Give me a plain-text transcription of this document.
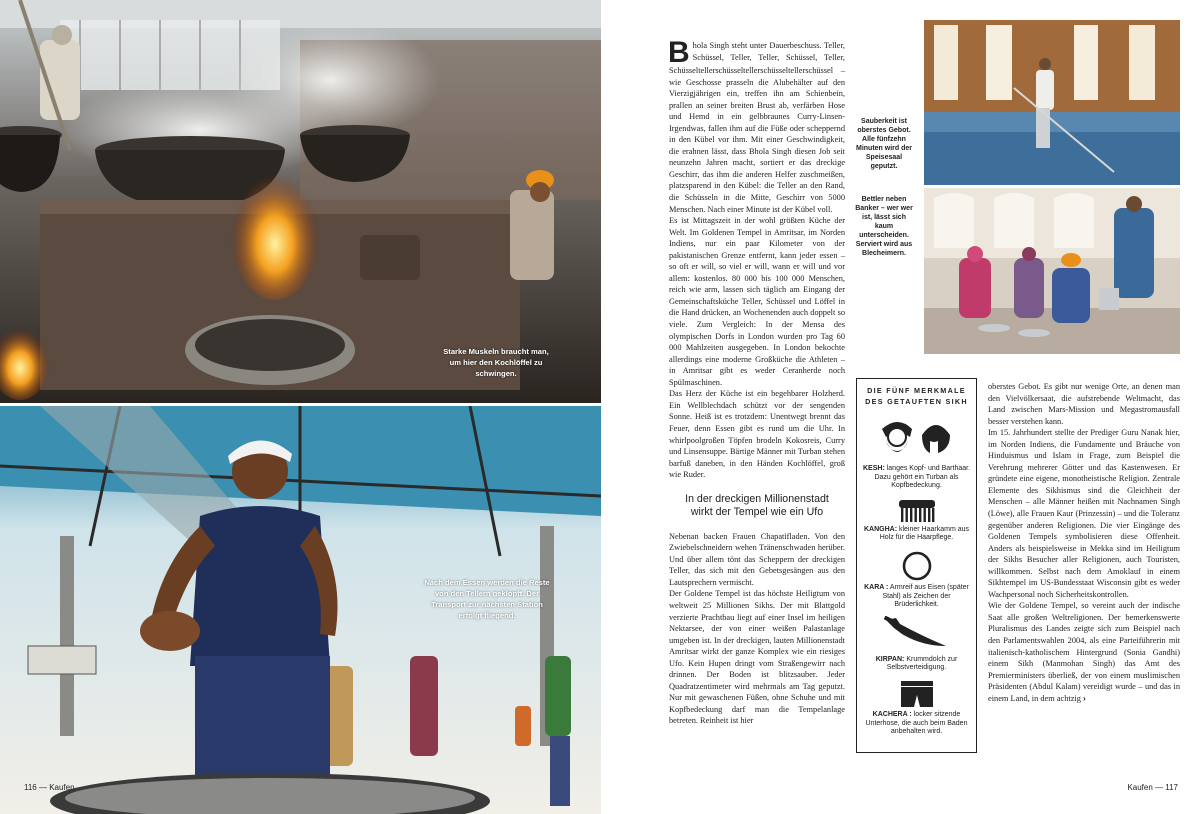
Starke Muskeln braucht man, um hier den Kochlöffel zu schwingen.
Nach dem Essen werden die Reste von den Tellern geklopft. Der Transport zur nächsten Station erfolgt fliegend.
116 — Kaufen

Bhola Singh steht unter Dauerbeschuss. Teller, Schüssel, Teller, Teller, Schüssel, Teller, Schüsseltellerschüsseltellerschüsseltellerschüssel – wie Geschosse prasseln die Alubehälter auf den Vierzigjährigen ein, treffen ihn am Schienbein, prallen an seiner breiten Brust ab, verfärben Hose und Hemd in ein gelbbraunes Curry-Linsen-Irgendwas, fallen ihm auf die Füße oder scheppernd in den Kübel vor ihm. Mit einer Geschwindigkeit, die erahnen lässt, dass Bhola Singh diesen Job seit neunzehn Jahren macht, sortiert er das dreckige Geschirr, das ihm die anderen Helfer zuschmeißen, platzsparend in den Kübel: die Teller an den Rand, die Schüsseln in die Mitte, Geschirr von 5000 Menschen. Nach einer Minute ist der Kübel voll.

Es ist Mittagszeit in der wohl größten Küche der Welt. Im Goldenen Tempel in Amritsar, im Norden Indiens, nur ein paar Kilometer von der pakistanischen Grenze entfernt, kann jeder essen – so oft er will, so viel er will, wann er will und vor allem: kostenlos. 80 000 bis 100 000 Menschen, reich wie arm, lassen sich täglich am Eingang der Gemeinschaftsküche Teller, Schüssel und Löffel in die Hand drücken, an Wochenenden auch doppelt so viele. Zum Vergleich: In der Mensa des olympischen Dorfs in London wurden pro Tag 60 000 Mahlzeiten ausgegeben. In London bekochte allerdings eine moderne Großküche die Athleten – in Amritsar gibt es weder Ceranherde noch Spülmaschinen.

Das Herz der Küche ist ein begehbarer Holzherd. Ein Wellblechdach schützt vor der sengenden Sonne. Heiß ist es trotzdem: Unentwegt brennt das Feuer, denn Essen gibt es rund um die Uhr. In whirlpoolgroßen Töpfen brodeln Kokosreis, Curry und Linsensuppe. Bärtige Männer mit Turban stehen barfuß daneben, in den Händen Kochlöffel, groß wie Ruder.

In der dreckigen Millionenstadt
wirkt der Tempel wie ein Ufo

Nebenan backen Frauen Chapatifladen. Von den Zwiebelschneidern wehen Tränenschwaden herüber. Und über allem tönt das Scheppern der dreckigen Teller, das sich mit den Gebetsgesängen aus den Lautsprechern vermischt.

Der Goldene Tempel ist das höchste Heiligtum von weltweit 25 Millionen Sikhs. Der mit Blattgold verzierte Prachtbau liegt auf einer Insel im heiligen Nektarsee, der von einer weißen Palastanlage umgeben ist. In der dreckigen, lauten Millionenstadt Amritsar wirkt der ganze Komplex wie ein riesiges Ufo. Kein Hupen dringt vom Straßengewirr nach drinnen. Der Boden ist blitzsauber. Jeder Quadratzentimeter wird mehrmals am Tag geputzt. Nur mit gewaschenen Füßen, ohne Schuhe und mit Kopfbedeckung darf man die Tempelanlage betreten. Reinheit ist hier

Sauberkeit ist oberstes Gebot. Alle fünfzehn Minuten wird der Speisesaal geputzt.
Bettler neben Banker – wer wer ist, lässt sich kaum unterscheiden. Serviert wird aus Blecheimern.
DIE FÜNF MERKMALE
DES GETAUFTEN SIKH
KESH: langes Kopf- und Barthaar. Dazu gehört ein Turban als Kopfbedeckung.
KANGHA: kleiner Haarkamm aus Holz für die Haarpflege.
KARA : Armreif aus Eisen (später Stahl) als Zeichen der Brüderlichkeit.
KIRPAN: Krummdolch zur Selbstverteidigung.
KACHERA : locker sitzende Unterhose, die auch beim Baden anbehalten wird.

oberstes Gebot. Es gibt nur wenige Orte, an denen man den Vielvölkersaat, die aufstrebende Weltmacht, das Land zwischen Mars-Mission und Megastromausfall besser verstehen kann.

Im 15. Jahrhundert stellte der Prediger Guru Nanak hier, im Norden Indiens, die Fundamente und Bräuche von Hinduismus und Islam in Frage, zum Beispiel die Verehrung mehrerer Götter und das Kastenwesen. Er gründete eine eigene, monotheistische Religion. Zentrale Elemente des Sikhismus sind die Gleichheit der Menschen – alle Männer heißen mit Nachnamen Singh (Löwe), alle Frauen Kaur (Prinzessin) – und die Toleranz gegenüber anderen Religionen. Die vier Eingänge des Goldenen Tempels symbolisieren diese Offenheit. Anders als beispielsweise in Mekka sind im Heiligtum der Sikhs Besucher aller Religionen, auch Touristen, willkommen. Selbst nach dem Amoklauf in einem Sikhtempel im US-Bundesstaat Wisconsin gibt es weder Wachpersonal noch Sicherheitskontrollen.

Wie der Goldene Tempel, so vereint auch der indische Saat alle großen Weltreligionen. Der bemerkenswerte Pluralismus des Landes zeigte sich zum Beispiel nach den Parlamentswahlen 2004, als eine Parteiführerin mit italienisch-katholischem Hintergrund (Sonia Gandhi) einem Sikh (Manmohan Singh) das Amt des Premierministers überließ, der von einem muslimischen Präsidenten (Abdul Kalam) vereidigt wurde – und das in einem Land, in dem achtzig ›

Kaufen — 117
